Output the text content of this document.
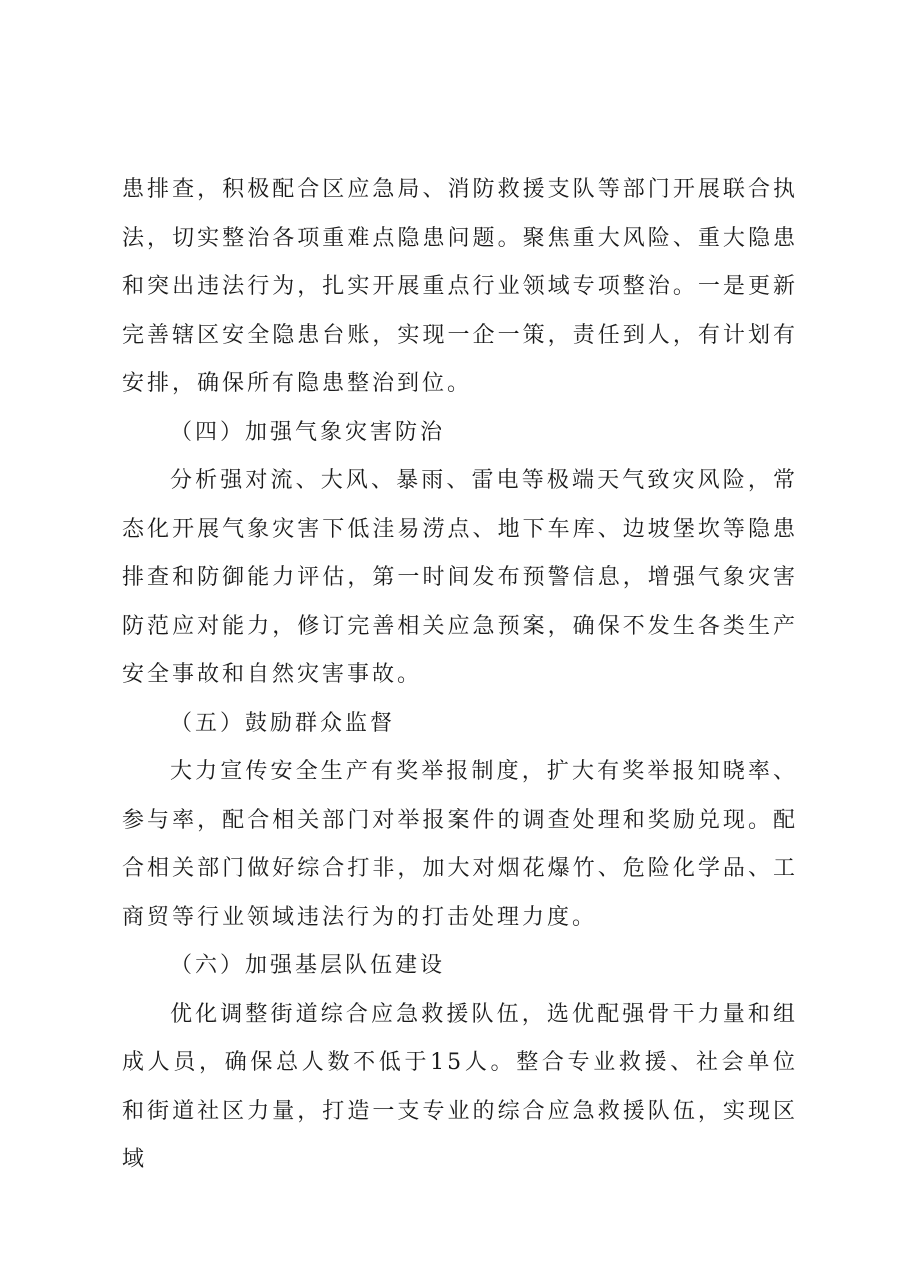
患排查，积极配合区应急局、消防救援支队等部门开展联合执法，切实整治各项重难点隐患问题。聚焦重大风险、重大隐患和突出违法行为，扎实开展重点行业领域专项整治。一是更新完善辖区安全隐患台账，实现一企一策，责任到人，有计划有安排，确保所有隐患整治到位。

（四）加强气象灾害防治

分析强对流、大风、暴雨、雷电等极端天气致灾风险，常态化开展气象灾害下低洼易涝点、地下车库、边坡堡坎等隐患排查和防御能力评估，第一时间发布预警信息，增强气象灾害防范应对能力，修订完善相关应急预案，确保不发生各类生产安全事故和自然灾害事故。

（五）鼓励群众监督

大力宣传安全生产有奖举报制度，扩大有奖举报知晓率、参与率，配合相关部门对举报案件的调查处理和奖励兑现。配合相关部门做好综合打非，加大对烟花爆竹、危险化学品、工商贸等行业领域违法行为的打击处理力度。

（六）加强基层队伍建设

优化调整街道综合应急救援队伍，选优配强骨干力量和组成人员，确保总人数不低于15人。整合专业救援、社会单位和街道社区力量，打造一支专业的综合应急救援队伍，实现区域
